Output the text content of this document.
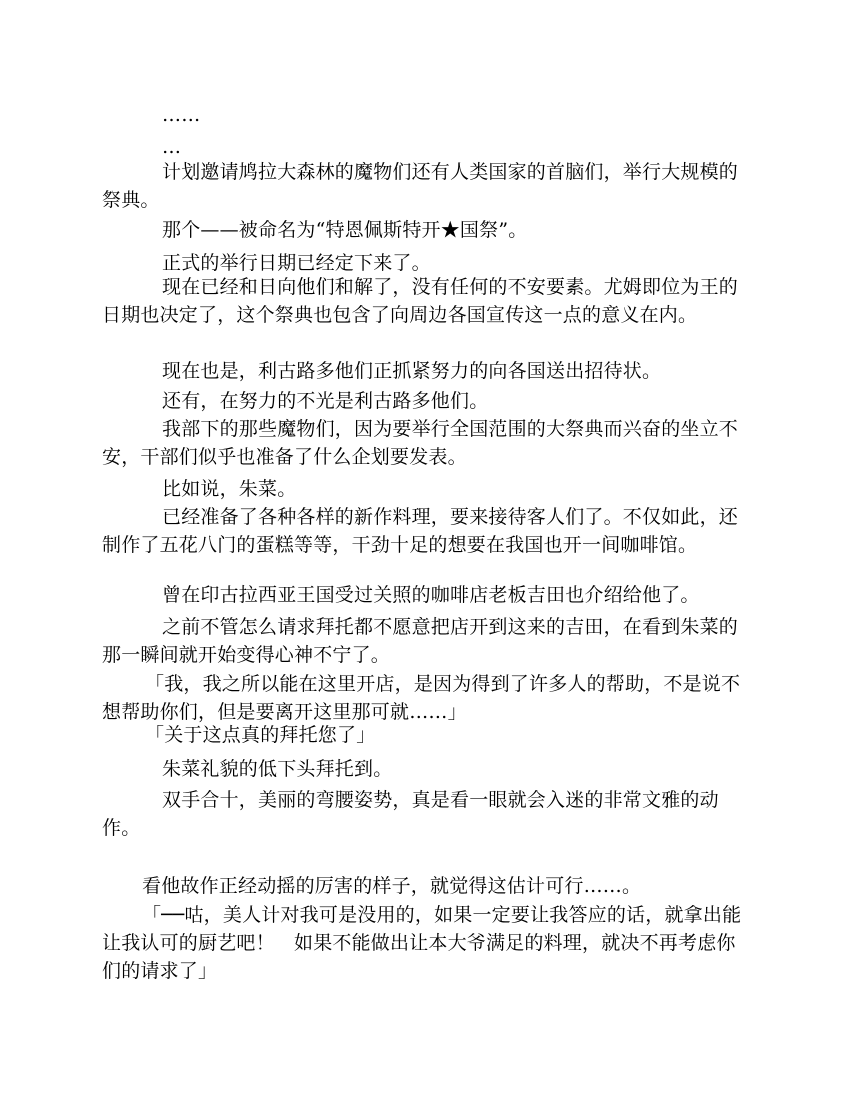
……

…

计划邀请鸠拉大森林的魔物们还有人类国家的首脑们，举行大规模的祭典。

那个——被命名为“特恩佩斯特开★国祭”。

正式的举行日期已经定下来了。

现在已经和日向他们和解了，没有任何的不安要素。尤姆即位为王的日期也决定了，这个祭典也包含了向周边各国宣传这一点的意义在内。

现在也是，利古路多他们正抓紧努力的向各国送出招待状。

还有，在努力的不光是利古路多他们。

我部下的那些魔物们，因为要举行全国范围的大祭典而兴奋的坐立不安，干部们似乎也准备了什么企划要发表。

比如说，朱菜。

已经准备了各种各样的新作料理，要来接待客人们了。不仅如此，还制作了五花八门的蛋糕等等，干劲十足的想要在我国也开一间咖啡馆。

曾在印古拉西亚王国受过关照的咖啡店老板吉田也介绍给他了。

之前不管怎么请求拜托都不愿意把店开到这来的吉田，在看到朱菜的那一瞬间就开始变得心神不宁了。

「我，我之所以能在这里开店，是因为得到了许多人的帮助，不是说不想帮助你们，但是要离开这里那可就……」

「关于这点真的拜托您了」

朱菜礼貌的低下头拜托到。

双手合十，美丽的弯腰姿势，真是看一眼就会入迷的非常文雅的动作。

看他故作正经动摇的厉害的样子，就觉得这估计可行……。

「──咕，美人计对我可是没用的，如果一定要让我答应的话，就拿出能让我认可的厨艺吧！　如果不能做出让本大爷满足的料理，就决不再考虑你们的请求了」
